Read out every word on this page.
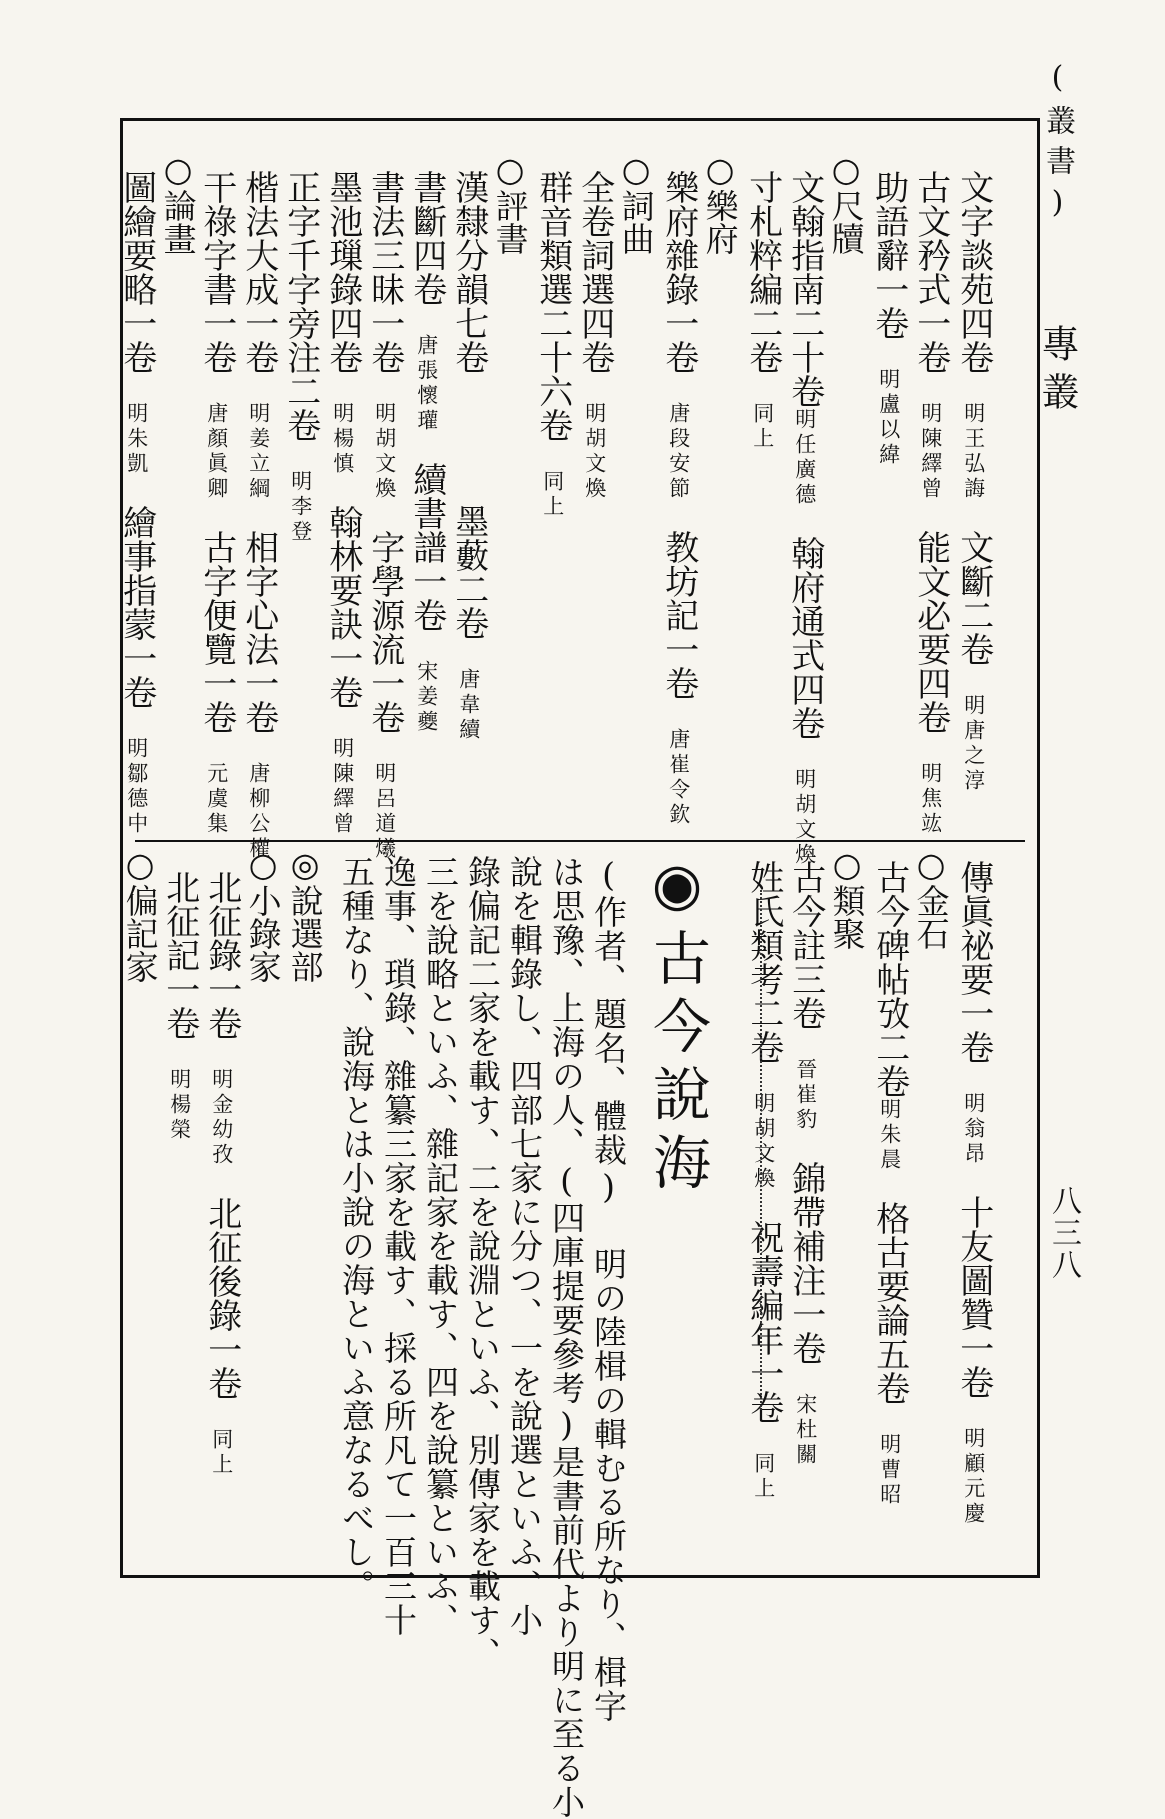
(叢書) 專叢
八三八
文字談苑四卷明王弘誨文斷二卷明唐之淳
古文矜式一卷明陳繹曾能文必要四卷明焦竑
助語辭一卷明盧以緯
○尺牘
文翰指南二十卷明任廣德翰府通式四卷明胡文煥
寸札粹編二卷同上
○樂府
樂府雜錄一卷唐段安節教坊記一卷唐崔令欽
○詞曲
全卷詞選四卷明胡文煥
群音類選二十六卷同上
○評書
漢隸分韻七卷墨藪二卷唐韋續
書斷四卷唐張懷瓘續書譜一卷宋姜夔
書法三昧一卷明胡文煥字學源流一卷明呂道爔
墨池璅錄四卷明楊慎翰林要訣一卷明陳繹曾
正字千字旁注二卷明李登
楷法大成一卷明姜立綱相字心法一卷唐柳公權
干祿字書一卷唐顏眞卿古字便覽一卷元虞集
○論畫
圖繪要略一卷明朱凱繪事指蒙一卷明鄒德中
傳眞祕要一卷明翁昂十友圖贊一卷明顧元慶
○金石
古今碑帖攷二卷明朱晨格古要論五卷明曹昭
○類聚
古今註三卷晉崔豹錦帶補注一卷宋杜關
姓氏類考二卷明胡文煥祝壽編年一卷同上
◉古今說海
(作者、題名、體裁) 明の陸楫の輯むる所なり、楫字
は思豫、上海の人、(四庫提要參考)是書前代より明に至る小
說を輯錄し、四部七家に分つ、一を說選といふ、小
錄偏記二家を載す、二を說淵といふ、別傳家を載す、
三を說略といふ、雜記家を載す、四を說纂といふ、
逸事、瑣錄、雜纂三家を載す、採る所凡て一百三十
五種なり、說海とは小說の海といふ意なるべし。
◎說選部
○小錄家
北征錄一卷明金幼孜北征後錄一卷同上
北征記一卷明楊榮
○偏記家
